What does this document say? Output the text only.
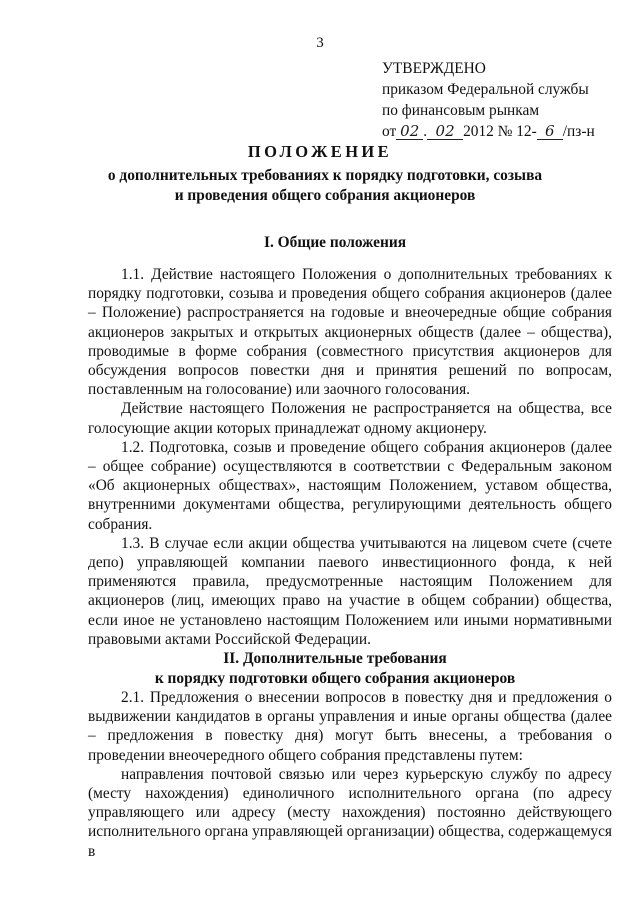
3
УТВЕРЖДЕНО
приказом Федеральной службы
по финансовым рынкам
от 02 . 02 2012 № 12- 6 /пз-н
ПОЛОЖЕНИЕ
о дополнительных требованиях к порядку подготовки, созыва
и проведения общего собрания акционеров
I. Общие положения

1.1. Действие настоящего Положения о дополнительных требованиях к порядку подготовки, созыва и проведения общего собрания акционеров (далее – Положение) распространяется на годовые и внеочередные общие собрания акционеров закрытых и открытых акционерных обществ (далее – общества), проводимые в форме собрания (совместного присутствия акционеров для обсуждения вопросов повестки дня и принятия решений по вопросам, поставленным на голосование) или заочного голосования.

Действие настоящего Положения не распространяется на общества, все голосующие акции которых принадлежат одному акционеру.

1.2. Подготовка, созыв и проведение общего собрания акционеров (далее – общее собрание) осуществляются в соответствии с Федеральным законом «Об акционерных обществах», настоящим Положением, уставом общества, внутренними документами общества, регулирующими деятельность общего собрания.

1.3. В случае если акции общества учитываются на лицевом счете (счете депо) управляющей компании паевого инвестиционного фонда, к ней применяются правила, предусмотренные настоящим Положением для акционеров (лиц, имеющих право на участие в общем собрании) общества, если иное не установлено настоящим Положением или иными нормативными правовыми актами Российской Федерации.

II. Дополнительные требования
к порядку подготовки общего собрания акционеров

2.1. Предложения о внесении вопросов в повестку дня и предложения о выдвижении кандидатов в органы управления и иные органы общества (далее – предложения в повестку дня) могут быть внесены, а требования о проведении внеочередного общего собрания представлены путем:

направления почтовой связью или через курьерскую службу по адресу (месту нахождения) единоличного исполнительного органа (по адресу управляющего или адресу (месту нахождения) постоянно действующего исполнительного органа управляющей организации) общества, содержащемуся в
